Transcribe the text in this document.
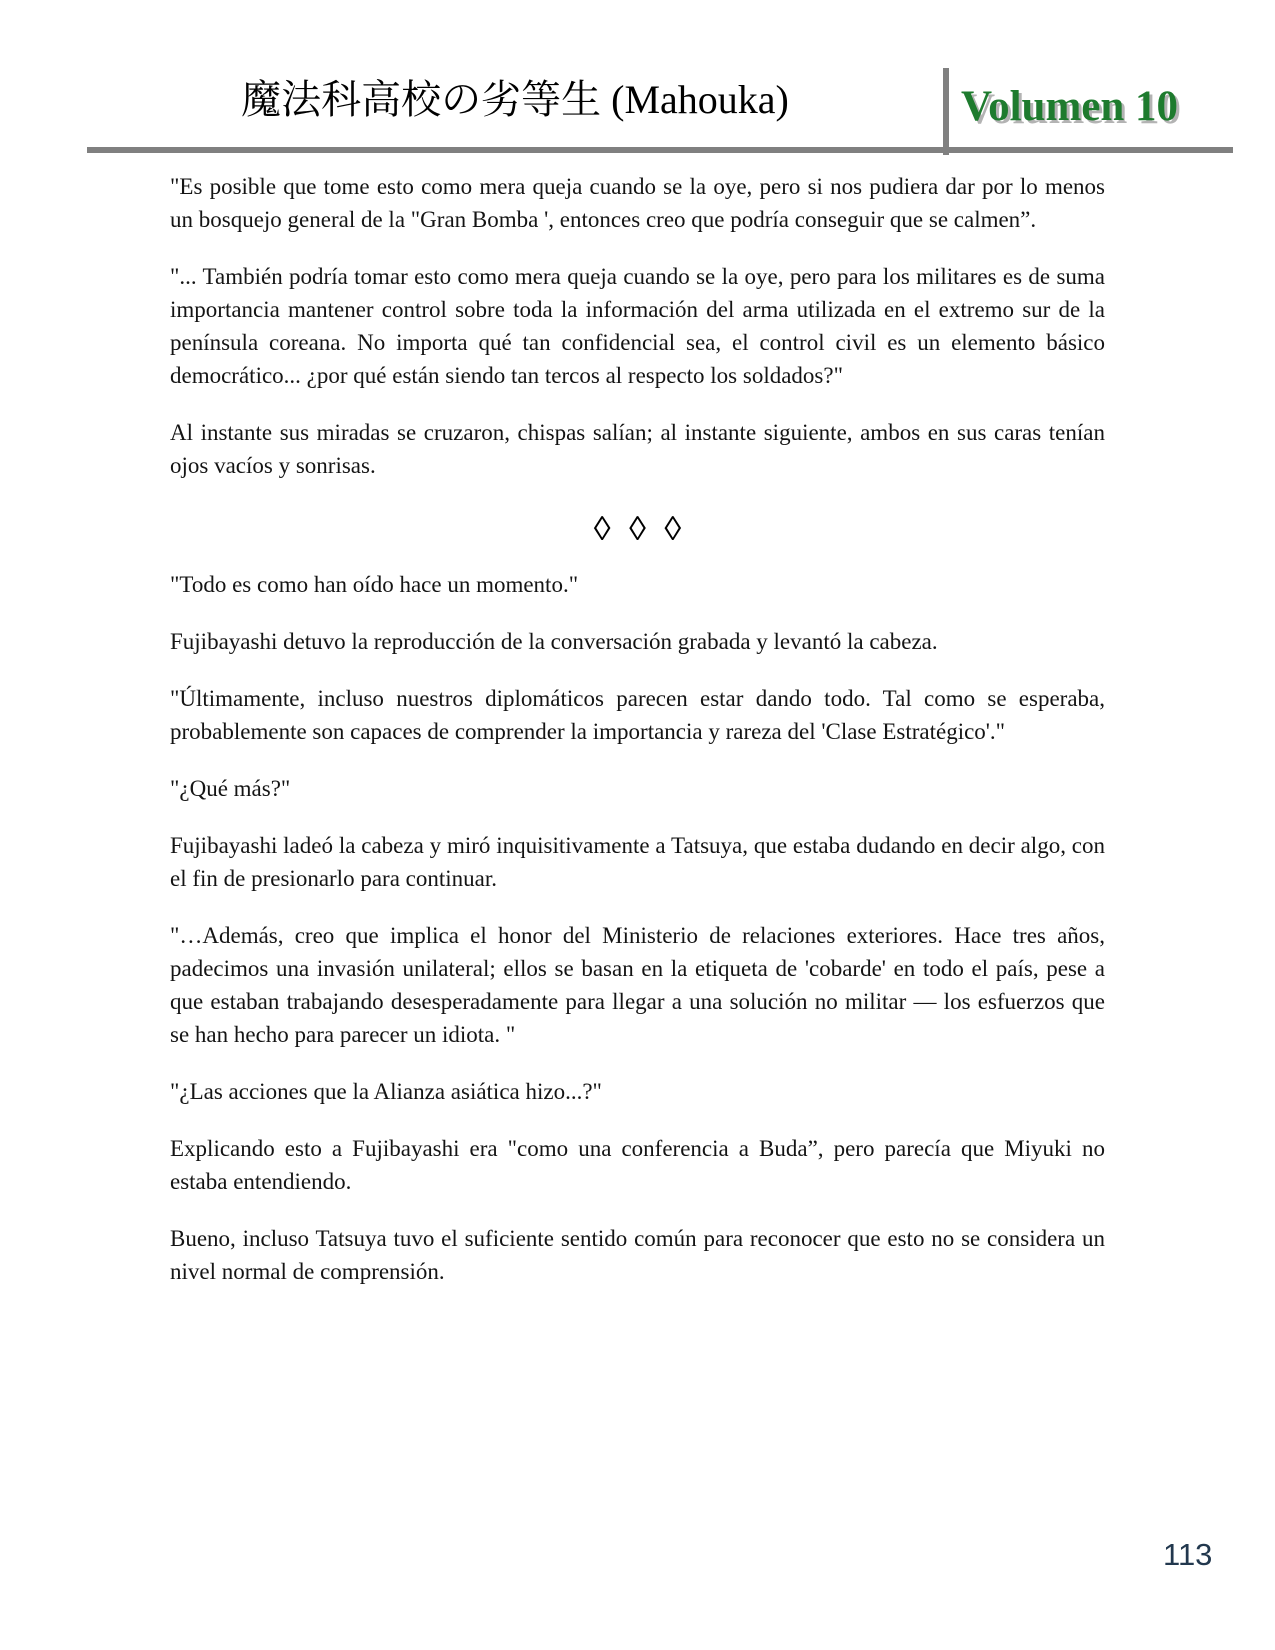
魔法科高校の劣等生 (Mahouka)	Volumen 10

"Es posible que tome esto como mera queja cuando se la oye, pero si nos pudiera dar por lo menos un bosquejo general de la "Gran Bomba ', entonces creo que podría conseguir que se calmen”.

"... También podría tomar esto como mera queja cuando se la oye, pero para los militares es de suma importancia mantener control sobre toda la información del arma utilizada en el extremo sur de la península coreana. No importa qué tan confidencial sea, el control civil es un elemento básico democrático... ¿por qué están siendo tan tercos al respecto los soldados?"

Al instante sus miradas se cruzaron, chispas salían; al instante siguiente, ambos en sus caras tenían ojos vacíos y sonrisas.

◊ ◊ ◊

"Todo es como han oído hace un momento."

Fujibayashi detuvo la reproducción de la conversación grabada y levantó la cabeza.

"Últimamente, incluso nuestros diplomáticos parecen estar dando todo. Tal como se esperaba, probablemente son capaces de comprender la importancia y rareza del 'Clase Estratégico'."

"¿Qué más?"

Fujibayashi ladeó la cabeza y miró inquisitivamente a Tatsuya, que estaba dudando en decir algo, con el fin de presionarlo para continuar.

"…Además, creo que implica el honor del Ministerio de relaciones exteriores. Hace tres años, padecimos una invasión unilateral; ellos se basan en la etiqueta de 'cobarde' en todo el país, pese a que estaban trabajando desesperadamente para llegar a una solución no militar — los esfuerzos que se han hecho para parecer un idiota. "

"¿Las acciones que la Alianza asiática hizo...?"

Explicando esto a Fujibayashi era "como una conferencia a Buda”, pero parecía que Miyuki no estaba entendiendo.

Bueno, incluso Tatsuya tuvo el suficiente sentido común para reconocer que esto no se considera un nivel normal de comprensión.

113
